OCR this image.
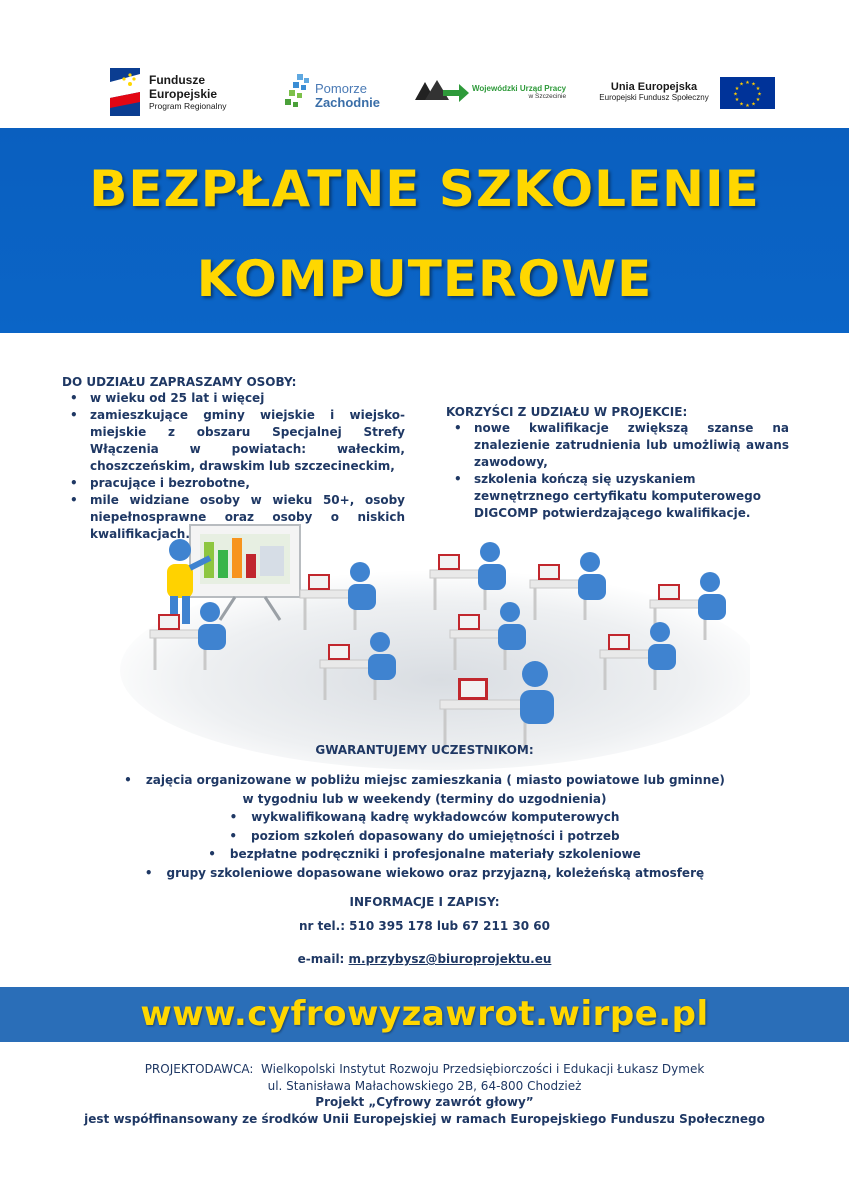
Fundusze
Europejskie
Program Regionalny
Pomorze
Zachodnie
Wojewódzki Urząd Pracy
w Szczecinie
Unia Europejska
Europejski Fundusz Społeczny
★ ★
★
★
★
★
★
★
★
★
★
★
BEZPŁATNE SZKOLENIE
KOMPUTEROWE
DO UDZIAŁU ZAPRASZAMY OSOBY:
• w wieku od 25 lat i więcej
• zamieszkujące gminy wiejskie i wiejsko-miejskie z obszaru Specjalnej Strefy Włączenia w powiatach: wałeckim, choszczeńskim, drawskim lub szczecineckim,
• pracujące i bezrobotne,
• mile widziane osoby w wieku 50+, osoby niepełnosprawne oraz osoby o niskich kwalifikacjach.
KORZYŚCI Z UDZIAŁU W PROJEKCIE:
• nowe kwalifikacje zwiększą szanse na znalezienie zatrudnienia lub umożliwią awans zawodowy,
• szkolenia kończą się uzyskaniem zewnętrznego certyfikatu komputerowego DIGCOMP potwierdzającego kwalifikacje.
GWARANTUJEMY UCZESTNIKOM:
• zajęcia organizowane w pobliżu miejsc zamieszkania ( miasto powiatowe lub gminne)
w tygodniu lub w weekendy (terminy do uzgodnienia)
• wykwalifikowaną kadrę wykładowców komputerowych
• poziom szkoleń dopasowany do umiejętności i potrzeb
• bezpłatne podręczniki i profesjonalne materiały szkoleniowe
• grupy szkoleniowe dopasowane wiekowo oraz przyjazną, koleżeńską atmosferę
INFORMACJE I ZAPISY:
nr tel.: 510 395 178 lub 67 211 30 60
e-mail: m.przybysz@biuroprojektu.eu
www.cyfrowyzawrot.wirpe.pl
PROJEKTODAWCA:  Wielkopolski Instytut Rozwoju Przedsiębiorczości i Edukacji Łukasz Dymek
ul. Stanisława Małachowskiego 2B, 64-800 Chodzież
Projekt „Cyfrowy zawrót głowy”
jest współfinansowany ze środków Unii Europejskiej w ramach Europejskiego Funduszu Społecznego
